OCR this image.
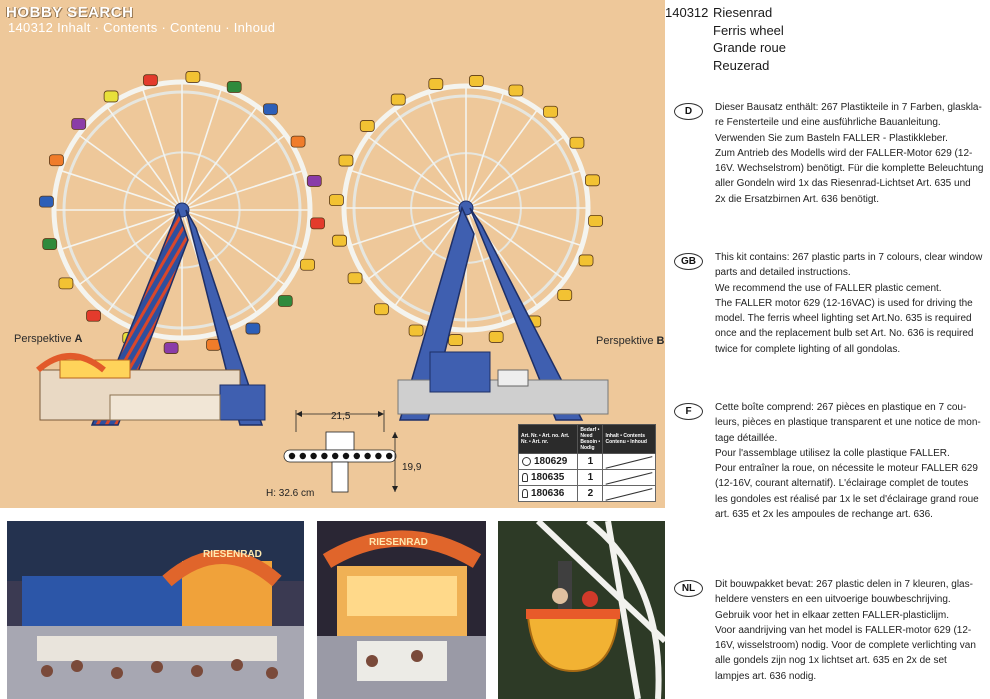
HOBBY SEARCH
140312 Inhalt · Contents · Contenu · Inhoud
Perspektive A	Perspektive B
21,5
19,9
H: 32.6 cm
Art. Nr. • Art. no. Art. Nr. • Art. nr.	Bedarf • Need Besoin • Nodig	Inhalt • Contents Contenu • Inhoud
180629	1	
180635	1	
180636	2	
RIESENRAD
RIESENRAD
140312 Riesenrad
Ferris wheel
Grande roue
Reuzerad
D	Dieser Bausatz enthält: 267 Plastikteile in 7 Farben, glaskla-
re Fensterteile und eine ausführliche Bauanleitung.
Verwenden Sie zum Basteln FALLER - Plastikkleber.
Zum Antrieb des Modells wird der FALLER-Motor 629 (12-
16V. Wechselstrom) benötigt. Für die komplette Beleuchtung
aller Gondeln wird 1x das Riesenrad-Lichtset Art. 635 und
2x die Ersatzbirnen Art. 636 benötigt.
GB	This kit contains: 267 plastic parts in 7 colours, clear window
parts and detailed instructions.
We recommend the use of FALLER plastic cement.
The FALLER motor 629 (12-16VAC) is used for driving the
model. The ferris wheel lighting set Art.No. 635 is required
once and the replacement bulb set Art. No. 636 is required
twice for complete lighting of all gondolas.
F	Cette boîte comprend: 267 pièces en plastique en 7 cou-
leurs, pièces en plastique transparent et une notice de mon-
tage détaillée.
Pour l'assemblage utilisez la colle plastique FALLER.
Pour entraîner la roue, on nécessite le moteur FALLER 629
(12-16V, courant alternatif). L'éclairage complet de toutes
les gondoles est réalisé par 1x le set d'éclairage grand roue
art. 635 et 2x les ampoules de rechange art. 636.
NL	Dit bouwpakket bevat: 267 plastic delen in 7 kleuren, glas-
heldere vensters en een uitvoerige bouwbeschrijving.
Gebruik voor het in elkaar zetten FALLER-plasticlijm.
Voor aandrijving van het model is FALLER-motor 629 (12-
16V, wisselstroom) nodig. Voor de complete verlichting van
alle gondels zijn nog 1x lichtset art. 635 en 2x de set
lampjes art. 636 nodig.
